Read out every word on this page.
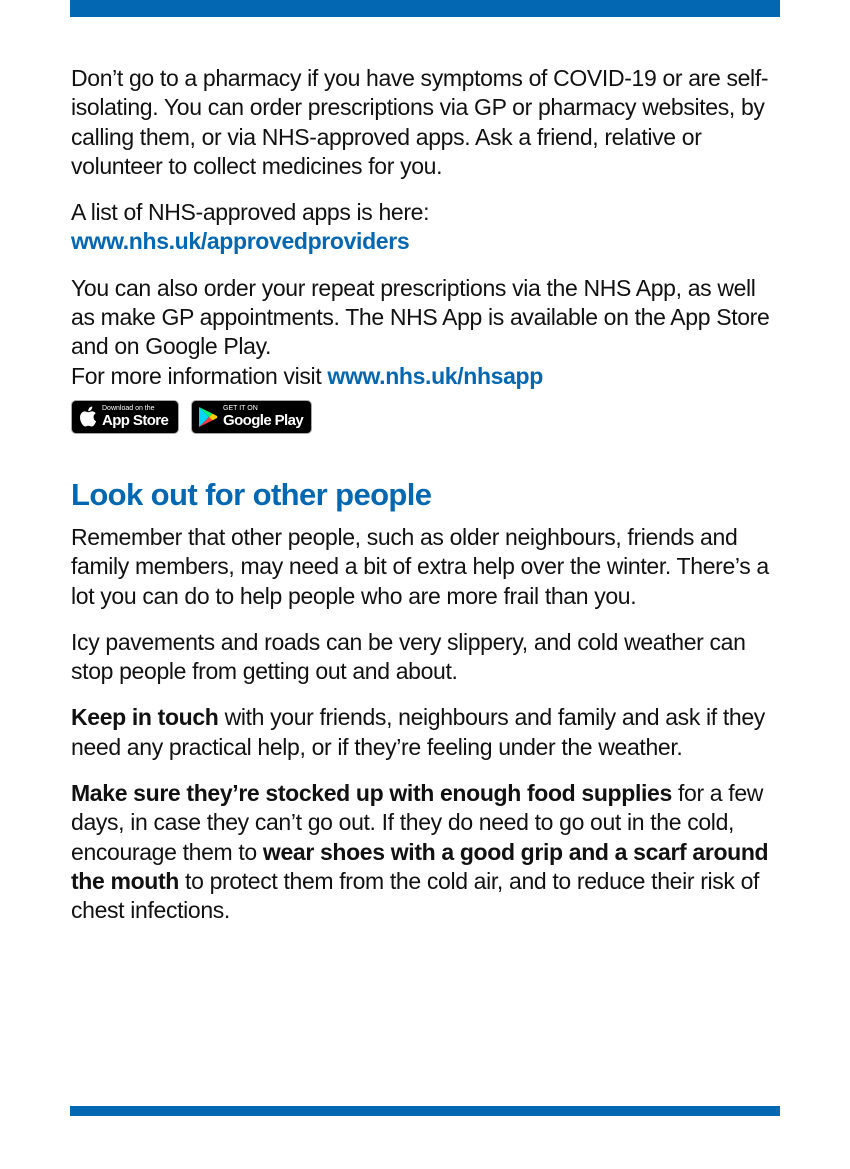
Don’t go to a pharmacy if you have symptoms of COVID-19 or are self-isolating. You can order prescriptions via GP or pharmacy websites, by calling them, or via NHS-approved apps. Ask a friend, relative or volunteer to collect medicines for you.

A list of NHS-approved apps is here:
www.nhs.uk/approvedproviders

You can also order your repeat prescriptions via the NHS App, as well as make GP appointments. The NHS App is available on the App Store and on Google Play.
For more information visit www.nhs.uk/nhsapp

Download on the
App Store
GET IT ON
Google Play
Look out for other people

Remember that other people, such as older neighbours, friends and family members, may need a bit of extra help over the winter. There’s a lot you can do to help people who are more frail than you.

Icy pavements and roads can be very slippery, and cold weather can stop people from getting out and about.

Keep in touch with your friends, neighbours and family and ask if they need any practical help, or if they’re feeling under the weather.

Make sure they’re stocked up with enough food supplies for a few days, in case they can’t go out. If they do need to go out in the cold, encourage them to wear shoes with a good grip and a scarf around the mouth to protect them from the cold air, and to reduce their risk of chest infections.
